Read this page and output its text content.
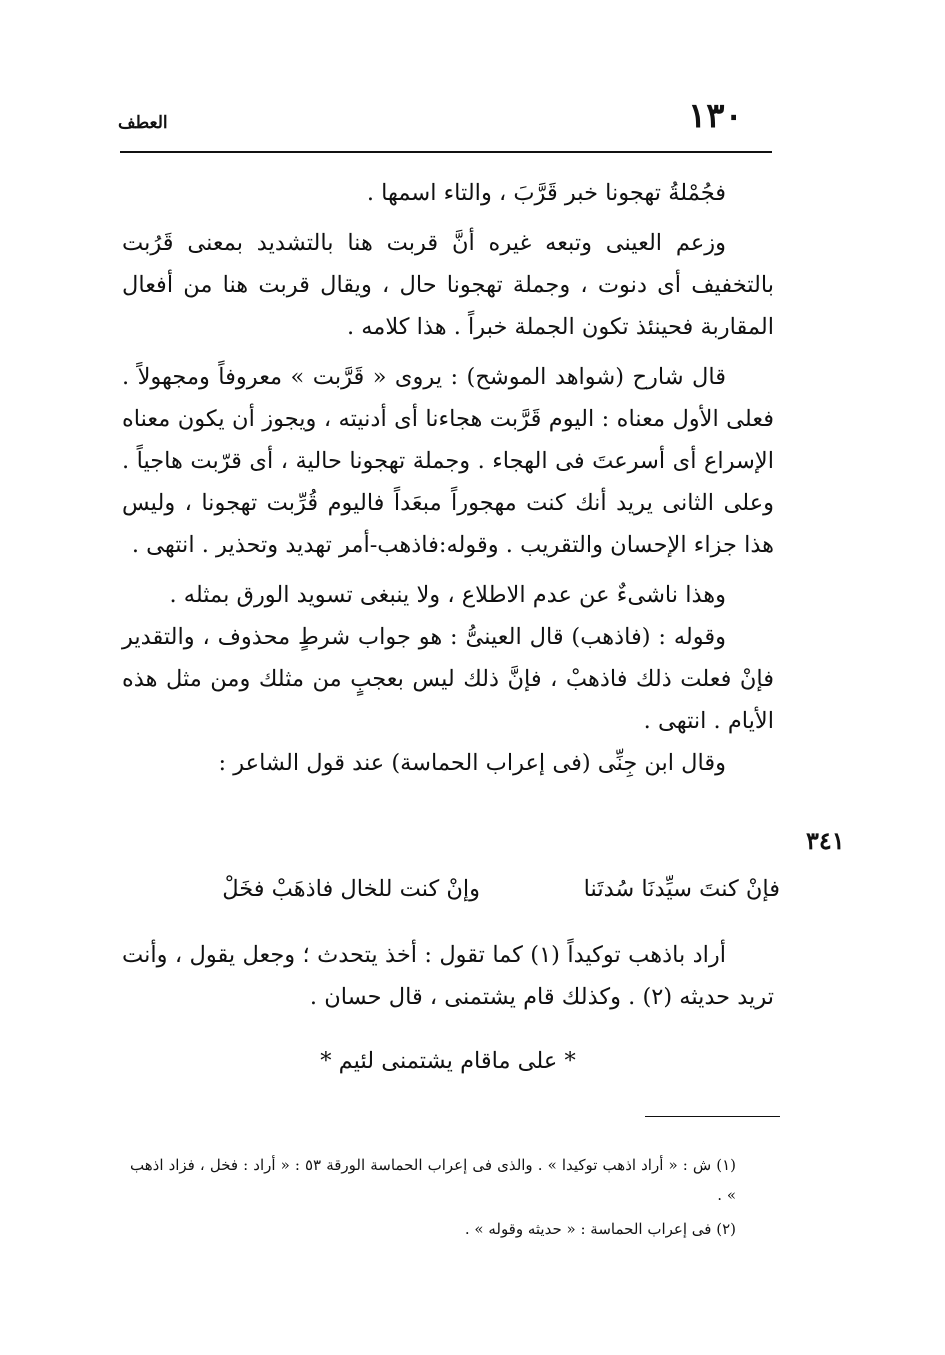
العطف	١٣٠

فجُمْلةُ تهجونا خبر قَرَّبَ ، والتاء اسمها .

وزعم العينى وتبعه غيره أنَّ قربت هنا بالتشديد بمعنى قَرُبت بالتخفيف أى دنوت ، وجملة تهجونا حال ، ويقال قربت هنا من أفعال المقاربة فحينئذ تكون الجملة خبراً . هذا كلامه .

قال شارح (شواهد الموشح) : يروى « قَرَّبت » معروفاً ومجهولاً . فعلى الأول معناه : اليوم قَرَّبت هجاءنا أى أدنيته ، ويجوز أن يكون معناه الإسراع أى أسرعتَ فى الهجاء . وجملة تهجونا حالية ، أى قرّبت هاجياً . وعلى الثانى يريد أنك كنت مهجوراً مبعَداً فاليوم قُرِّبت تهجونا ، وليس هذا جزاء الإحسان والتقريب . وقوله:فاذهب-أمر تهديد وتحذير . انتهى .

وهذا ناشىءٌ عن عدم الاطلاع ، ولا ينبغى تسويد الورق بمثله .

وقوله : (فاذهب) قال العينىُّ : هو جواب شرطٍ محذوف ، والتقدير فإنْ فعلت ذلك فاذهبْ ، فإنَّ ذلك ليس بعجبٍ من مثلك ومن مثل هذه الأيام . انتهى .

وقال ابن جِنِّى (فى إعراب الحماسة) عند قول الشاعر :

٣٤١
فإنْ كنتَ سيِّدنَا سُدتَنا
وإنْ كنت للخال فاذهَبْ فخَلْ

أراد باذهب توكيداً (١) كما تقول : أخذ يتحدث ؛ وجعل يقول ، وأنت تريد حديثه (٢) . وكذلك قام يشتمنى ، قال حسان .

* على ماقام يشتمنى لئيم *

(١) ش : « أراد اذهب توكيدا » . والذى فى إعراب الحماسة الورقة ٥٣ : « أراد : فخل ، فزاد اذهب » .

(٢) فى إعراب الحماسة : « حديثه وقوله » .
